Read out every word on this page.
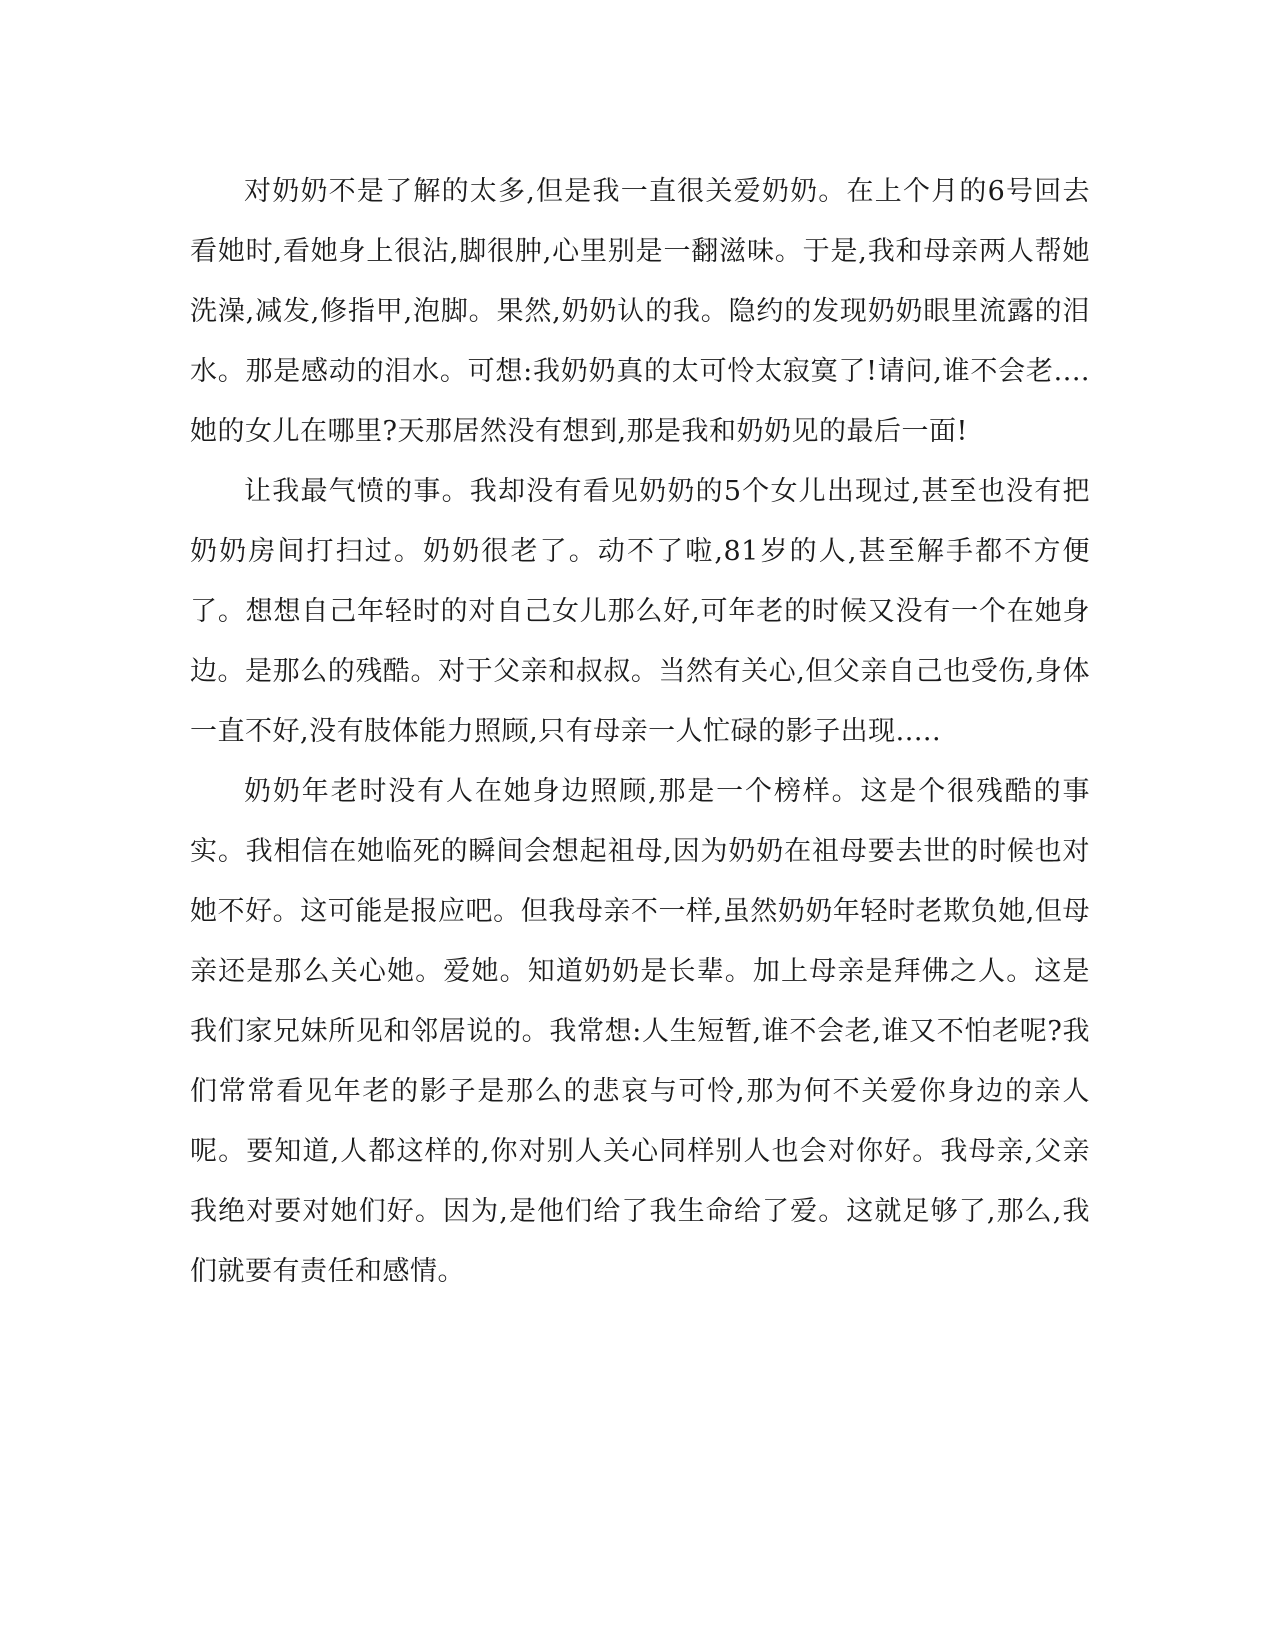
对奶奶不是了解的太多,但是我一直很关爱奶奶。在上个月的6号回去看她时,看她身上很沾,脚很肿,心里别是一翻滋味。于是,我和母亲两人帮她洗澡,减发,修指甲,泡脚。果然,奶奶认的我。隐约的发现奶奶眼里流露的泪水。那是感动的泪水。可想:我奶奶真的太可怜太寂寞了!请问,谁不会老....她的女儿在哪里?天那居然没有想到,那是我和奶奶见的最后一面!

让我最气愤的事。我却没有看见奶奶的5个女儿出现过,甚至也没有把奶奶房间打扫过。奶奶很老了。动不了啦,81岁的人,甚至解手都不方便了。想想自己年轻时的对自己女儿那么好,可年老的时候又没有一个在她身边。是那么的残酷。对于父亲和叔叔。当然有关心,但父亲自己也受伤,身体一直不好,没有肢体能力照顾,只有母亲一人忙碌的影子出现.....

奶奶年老时没有人在她身边照顾,那是一个榜样。这是个很残酷的事实。我相信在她临死的瞬间会想起祖母,因为奶奶在祖母要去世的时候也对她不好。这可能是报应吧。但我母亲不一样,虽然奶奶年轻时老欺负她,但母亲还是那么关心她。爱她。知道奶奶是长辈。加上母亲是拜佛之人。这是我们家兄妹所见和邻居说的。我常想:人生短暂,谁不会老,谁又不怕老呢?我们常常看见年老的影子是那么的悲哀与可怜,那为何不关爱你身边的亲人呢。要知道,人都这样的,你对别人关心同样别人也会对你好。我母亲,父亲我绝对要对她们好。因为,是他们给了我生命给了爱。这就足够了,那么,我们就要有责任和感情。
